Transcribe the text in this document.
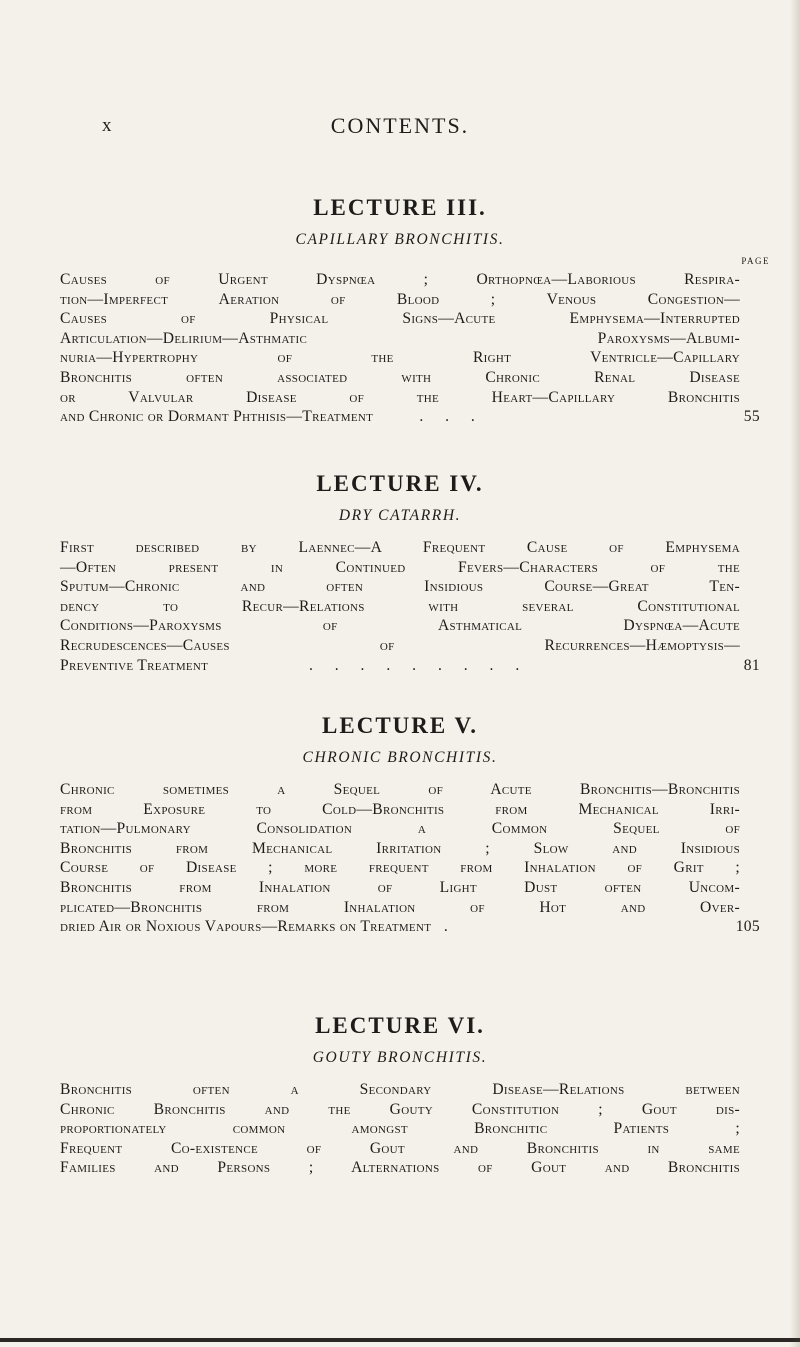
x	CONTENTS.
LECTURE III.
CAPILLARY BRONCHITIS.
PAGE
Causes of Urgent Dyspnœa ; Orthopnœa—Laborious Respira-
tion—Imperfect Aeration of Blood ; Venous Congestion—
Causes of Physical Signs—Acute Emphysema—Interrupted
Articulation—Delirium—Asthmatic Paroxysms—Albumi-
nuria—Hypertrophy of the Right Ventricle—Capillary
Bronchitis often associated with Chronic Renal Disease
or Valvular Disease of the Heart—Capillary Bronchitis
and Chronic or Dormant Phthisis—Treatment	. . .	55
LECTURE IV.
DRY CATARRH.
First described by Laennec—A Frequent Cause of Emphysema
—Often present in Continued Fevers—Characters of the
Sputum—Chronic and often Insidious Course—Great Ten-
dency to Recur—Relations with several Constitutional
Conditions—Paroxysms of Asthmatical Dyspnœa—Acute
Recrudescences—Causes of Recurrences—Hæmoptysis—
Preventive Treatment	. . . . . . . . .	81
LECTURE V.
CHRONIC BRONCHITIS.
Chronic sometimes a Sequel of Acute Bronchitis—Bronchitis
from Exposure to Cold—Bronchitis from Mechanical Irri-
tation—Pulmonary Consolidation a Common Sequel of
Bronchitis from Mechanical Irritation ; Slow and Insidious
Course of Disease ; more frequent from Inhalation of Grit ;
Bronchitis from Inhalation of Light Dust often Uncom-
plicated—Bronchitis from Inhalation of Hot and Over-
dried Air or Noxious Vapours—Remarks on Treatment .	105
LECTURE VI.
GOUTY BRONCHITIS.
Bronchitis often a Secondary Disease—Relations between
Chronic Bronchitis and the Gouty Constitution ; Gout dis-
proportionately common amongst Bronchitic Patients ;
Frequent Co-existence of Gout and Bronchitis in same
Families and Persons ; Alternations of Gout and Bronchitis
